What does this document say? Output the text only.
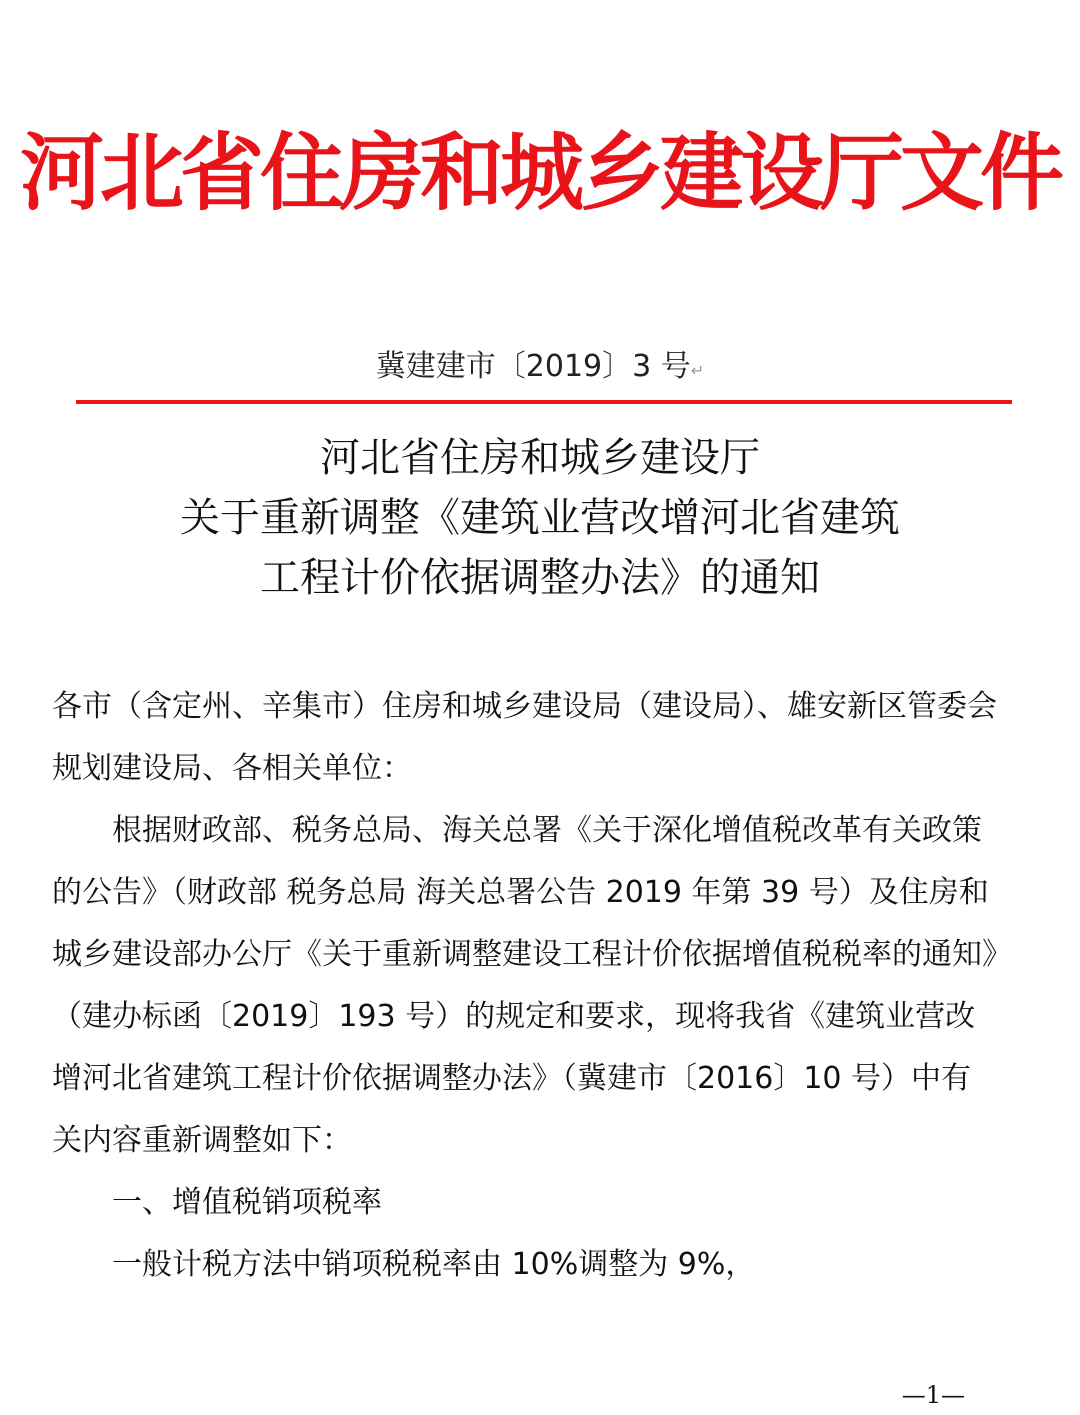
河北省住房和城乡建设厅文件
冀建建市〔2019〕3 号↵
河北省住房和城乡建设厅
关于重新调整《建筑业营改增河北省建筑
工程计价依据调整办法》的通知

各市（含定州、辛集市）住房和城乡建设局（建设局）、雄安新区管委会规划建设局、各相关单位：

根据财政部、税务总局、海关总署《关于深化增值税改革有关政策的公告》（财政部 税务总局 海关总署公告 2019 年第 39 号）及住房和城乡建设部办公厅《关于重新调整建设工程计价依据增值税税率的通知》（建办标函〔2019〕193 号）的规定和要求，现将我省《建筑业营改增河北省建筑工程计价依据调整办法》（冀建市〔2016〕10 号）中有关内容重新调整如下：

一、增值税销项税率

一般计税方法中销项税税率由 10%调整为 9%，

—1—
